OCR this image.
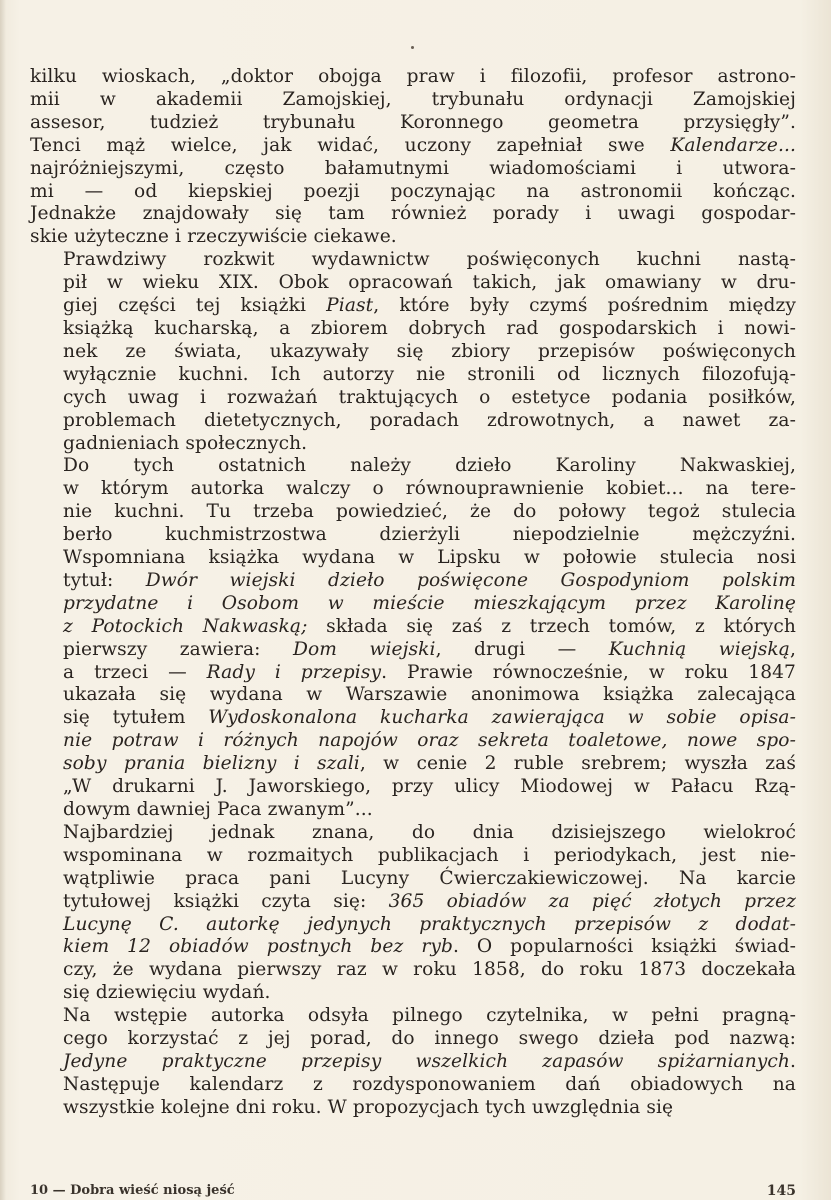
kilku wioskach, „doktor obojga praw i filozofii, profesor astrono-
mii w akademii Zamojskiej, trybunału ordynacji Zamojskiej
assesor, tudzież trybunału Koronnego geometra przysięgły”.
Tenci mąż wielce, jak widać, uczony zapełniał swe Kalendarze...
najróżniejszymi, często bałamutnymi wiadomościami i utwora-
mi — od kiepskiej poezji poczynając na astronomii kończąc.
Jednakże znajdowały się tam również porady i uwagi gospodar-
skie użyteczne i rzeczywiście ciekawe.

Prawdziwy rozkwit wydawnictw poświęconych kuchni nastą-
pił w wieku XIX. Obok opracowań takich, jak omawiany w dru-
giej części tej książki Piast, które były czymś pośrednim między
książką kucharską, a zbiorem dobrych rad gospodarskich i nowi-
nek ze świata, ukazywały się zbiory przepisów poświęconych
wyłącznie kuchni. Ich autorzy nie stronili od licznych filozofują-
cych uwag i rozważań traktujących o estetyce podania posiłków,
problemach dietetycznych, poradach zdrowotnych, a nawet za-
gadnieniach społecznych.

Do tych ostatnich należy dzieło Karoliny Nakwaskiej,
w którym autorka walczy o równouprawnienie kobiet... na tere-
nie kuchni. Tu trzeba powiedzieć, że do połowy tegoż stulecia
berło kuchmistrzostwa dzierżyli niepodzielnie mężczyźni.
Wspomniana książka wydana w Lipsku w połowie stulecia nosi
tytuł: Dwór wiejski dzieło poświęcone Gospodyniom polskim
przydatne i Osobom w mieście mieszkającym przez Karolinę
z Potockich Nakwaską; składa się zaś z trzech tomów, z których
pierwszy zawiera: Dom wiejski, drugi — Kuchnią wiejską,
a trzeci — Rady i przepisy. Prawie równocześnie, w roku 1847
ukazała się wydana w Warszawie anonimowa książka zalecająca
się tytułem Wydoskonalona kucharka zawierająca w sobie opisa-
nie potraw i różnych napojów oraz sekreta toaletowe, nowe spo-
soby prania bielizny i szali, w cenie 2 ruble srebrem; wyszła zaś
„W drukarni J. Jaworskiego, przy ulicy Miodowej w Pałacu Rzą-
dowym dawniej Paca zwanym”...

Najbardziej jednak znana, do dnia dzisiejszego wielokroć
wspominana w rozmaitych publikacjach i periodykach, jest nie-
wątpliwie praca pani Lucyny Ćwierczakiewiczowej. Na karcie
tytułowej książki czyta się: 365 obiadów za pięć złotych przez
Lucynę C. autorkę jedynych praktycznych przepisów z dodat-
kiem 12 obiadów postnych bez ryb. O popularności książki świad-
czy, że wydana pierwszy raz w roku 1858, do roku 1873 doczekała
się dziewięciu wydań.

Na wstępie autorka odsyła pilnego czytelnika, w pełni pragną-
cego korzystać z jej porad, do innego swego dzieła pod nazwą:
Jedyne praktyczne przepisy wszelkich zapasów spiżarnianych.
Następuje kalendarz z rozdysponowaniem dań obiadowych na
wszystkie kolejne dni roku. W propozycjach tych uwzględnia się

10 — Dobra wieść niosą jeść	145
